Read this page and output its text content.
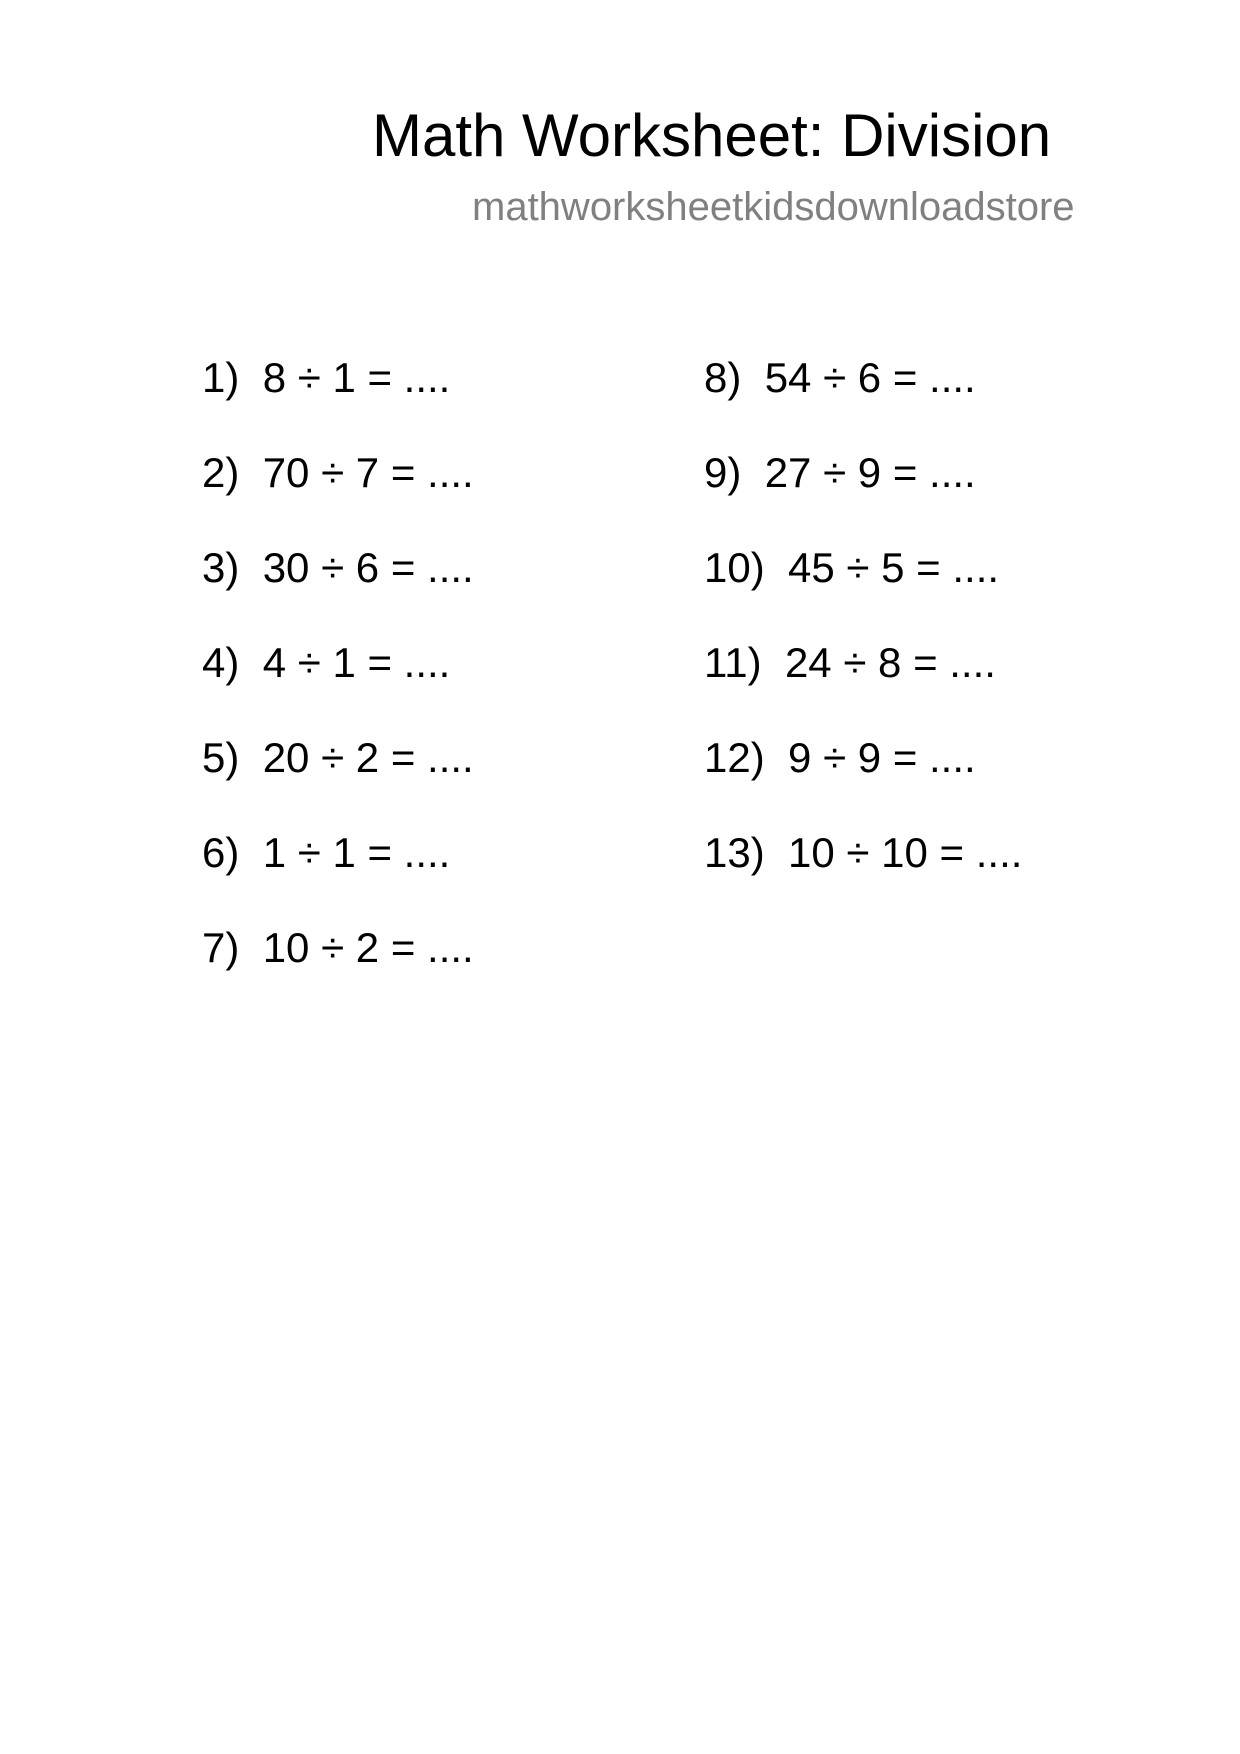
Math Worksheet: Division
mathworksheetkidsdownloadstore
1) 8 ÷ 1 = ....
2) 70 ÷ 7 = ....
3) 30 ÷ 6 = ....
4) 4 ÷ 1 = ....
5) 20 ÷ 2 = ....
6) 1 ÷ 1 = ....
7) 10 ÷ 2 = ....
8) 54 ÷ 6 = ....
9) 27 ÷ 9 = ....
10) 45 ÷ 5 = ....
11) 24 ÷ 8 = ....
12) 9 ÷ 9 = ....
13) 10 ÷ 10 = ....
